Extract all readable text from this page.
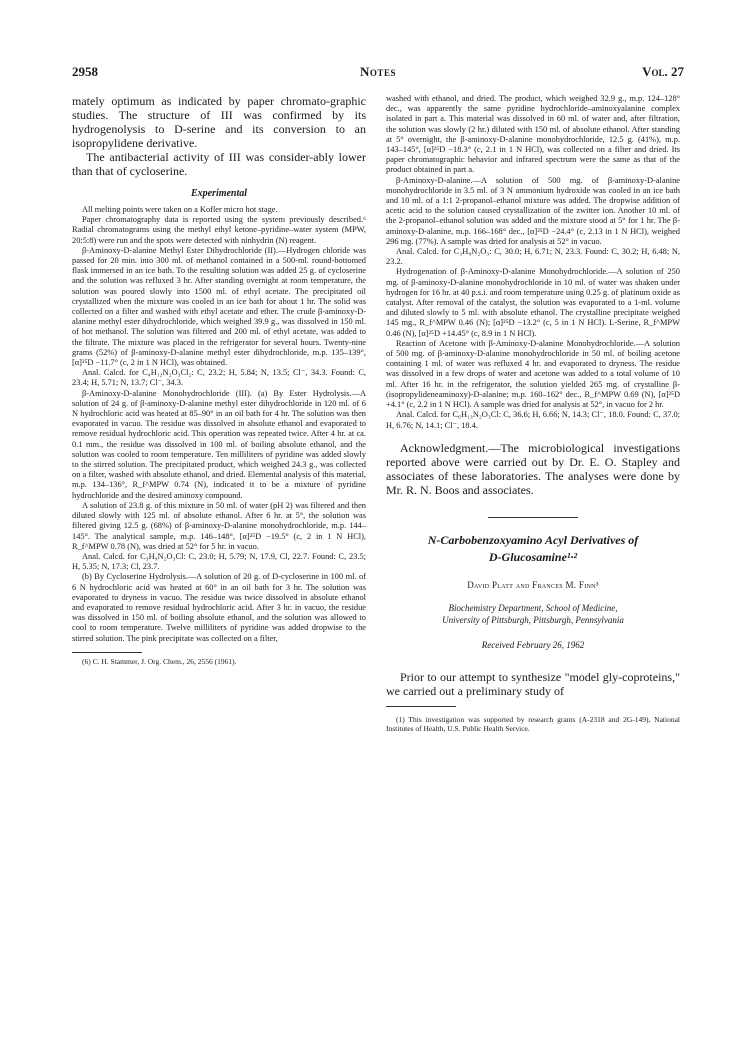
2958	Notes	Vol. 27

mately optimum as indicated by paper chromato-graphic studies. The structure of III was confirmed by its hydrogenolysis to D-serine and its conversion to an isopropylidene derivative.

The antibacterial activity of III was consider-ably lower than that of cycloserine.

Experimental

All melting points were taken on a Kofler micro hot stage.

Paper chromatography data is reported using the system previously described.⁶ Radial chromatograms using the methyl ethyl ketone–pyridine–water system (MPW, 20:5:8) were run and the spots were detected with ninhydrin (N) reagent.

β-Aminoxy-D-alanine Methyl Ester Dihydrochloride (II).—Hydrogen chloride was passed for 20 min. into 300 ml. of methanol contained in a 500-ml. round-bottomed flask immersed in an ice bath. To the resulting solution was added 25 g. of cycloserine and the solution was refluxed 3 hr. After standing overnight at room temperature, the solution was poured slowly into 1500 ml. of ethyl acetate. The precipitated oil crystallized when the mixture was cooled in an ice bath for about 1 hr. The solid was collected on a filter and washed with ethyl acetate and ether. The crude β-aminoxy-D-alanine methyl ester dihydrochloride, which weighed 39.9 g., was dissolved in 150 ml. of hot methanol. The solution was filtered and 200 ml. of ethyl acetate, was added to the filtrate. The mixture was placed in the refrigerator for several hours. Twenty-nine grams (52%) of β-aminoxy-D-alanine methyl ester dihydrochloride, m.p. 135–139°, [α]²⁵D −11.7° (c, 2 in 1 N HCl), was obtained.

Anal. Calcd. for C₄H₁₂N₂O₃Cl₂: C, 23.2; H, 5.84; N, 13.5; Cl⁻, 34.3. Found: C, 23.4; H, 5.71; N, 13.7; Cl⁻, 34.3.

β-Aminoxy-D-alanine Monohydrochloride (III). (a) By Ester Hydrolysis.—A solution of 24 g. of β-aminoxy-D-alanine methyl ester dihydrochloride in 120 ml. of 6 N hydrochloric acid was heated at 85–90° in an oil bath for 4 hr. The solution was then evaporated in vacuo. The residue was dissolved in absolute ethanol and evaporated to remove residual hydrochloric acid. This operation was repeated twice. After 4 hr. at ca. 0.1 mm., the residue was dissolved in 100 ml. of boiling absolute ethanol, and the solution was cooled to room temperature. Ten milliliters of pyridine was added slowly to the stirred solution. The precipitated product, which weighed 24.3 g., was collected on a filter, washed with absolute ethanol, and dried. Elemental analysis of this material, m.p. 134–136°, R_f^MPW 0.74 (N), indicated it to be a mixture of pyridine hydrochloride and the desired aminoxy compound.

A solution of 23.8 g. of this mixture in 50 ml. of water (pH 2) was filtered and then diluted slowly with 125 ml. of absolute ethanol. After 6 hr. at 5°, the solution was filtered giving 12.5 g. (68%) of β-aminoxy-D-alanine monohydrochloride, m.p. 144–145°. The analytical sample, m.p. 146–148°, [α]²⁵D −19.5° (c, 2 in 1 N HCl), R_f^MPW 0.78 (N), was dried at 52° for 5 hr. in vacuo.

Anal. Calcd. for C₃H₉N₂O₃Cl: C, 23.0; H, 5.79; N, 17.9, Cl, 22.7. Found: C, 23.5; H, 5.35; N, 17.3; Cl, 23.7.

(b) By Cycloserine Hydrolysis.—A solution of 20 g. of D-cycloserine in 100 ml. of 6 N hydrochloric acid was heated at 60° in an oil bath for 3 hr. The solution was evaporated to dryness in vacuo. The residue was twice dissolved in absolute ethanol and evaporated to remove residual hydrochloric acid. After 3 hr. in vacuo, the residue was dissolved in 150 ml. of boiling absolute ethanol, and the solution was allowed to cool to room temperature. Twelve milliliters of pyridine was added dropwise to the stirred solution. The pink precipitate was collected on a filter,

(6) C. H. Stammer, J. Org. Chem., 26, 2556 (1961).

washed with ethanol, and dried. The product, which weighed 32.9 g., m.p. 124–128° dec., was apparently the same pyridine hydrochloride–aminoxyalanine complex isolated in part a. This material was dissolved in 60 ml. of water and, after filtration, the solution was slowly (2 hr.) diluted with 150 ml. of absolute ethanol. After standing at 5° overnight, the β-aminoxy-D-alanine monohydrochloride, 12.5 g. (41%), m.p. 143–145°, [α]²⁵D −18.3° (c, 2.1 in 1 N HCl), was collected on a filter and dried. Its paper chromatographic behavior and infrared spectrum were the same as that of the product obtained in part a.

β-Aminoxy-D-alanine.—A solution of 500 mg. of β-aminoxy-D-alanine monohydrochloride in 3.5 ml. of 3 N ammonium hydroxide was cooled in an ice bath and 10 ml. of a 1:1 2-propanol–ethanol mixture was added. The dropwise addition of acetic acid to the solution caused crystallization of the zwitter ion. Another 10 ml. of the 2-propanol–ethanol solution was added and the mixture stood at 5° for 1 hr. The β-aminoxy-D-alanine, m.p. 166–168° dec., [α]²⁵D −24.4° (c, 2.13 in 1 N HCl), weighed 296 mg. (77%). A sample was dried for analysis at 52° in vacuo.

Anal. Calcd. for C₃H₈N₂O₃: C, 30.0; H, 6.71; N, 23.3. Found: C, 30.2; H, 6.48; N, 23.2.

Hydrogenation of β-Aminoxy-D-alanine Monohydrochloride.—A solution of 250 mg. of β-aminoxy-D-alanine monohydrochloride in 10 ml. of water was shaken under hydrogen for 16 hr. at 40 p.s.i. and room temperature using 0.25 g. of platinum oxide as catalyst. After removal of the catalyst, the solution was evaporated to a 1-ml. volume and diluted slowly to 5 ml. with absolute ethanol. The crystalline precipitate weighed 145 mg., R_f^MPW 0.46 (N); [α]²⁵D −13.2° (c, 5 in 1 N HCl). L-Serine, R_f^MPW 0.46 (N), [α]²⁵D +14.45° (c, 8.9 in 1 N HCl).

Reaction of Acetone with β-Aminoxy-D-alanine Monohydrochloride.—A solution of 500 mg. of β-aminoxy-D-alanine monohydrochloride in 50 ml. of boiling acetone containing 1 ml. of water was refluxed 4 hr. and evaporated to dryness. The residue was dissolved in a few drops of water and acetone was added to a total volume of 10 ml. After 16 hr. in the refrigerator, the solution yielded 265 mg. of crystalline β-(isopropylideneaminoxy)-D-alanine; m.p. 160–162° dec., R_f^MPW 0.69 (N), [α]²⁵D +4.1° (c, 2.2 in 1 N HCl). A sample was dried for analysis at 52°, in vacuo for 2 hr.

Anal. Calcd. for C₆H₁₃N₂O₃Cl: C, 36.6; H, 6.66; N, 14.3; Cl⁻, 18.0. Found: C, 37.0; H, 6.76; N, 14.1; Cl⁻, 18.4.

Acknowledgment.—The microbiological investigations reported above were carried out by Dr. E. O. Stapley and associates of these laboratories. The analyses were done by Mr. R. N. Boos and associates.

N-Carbobenzoxyamino Acyl Derivatives of
D-Glucosamine¹·²
David Platt and Frances M. Finn³
Biochemistry Department, School of Medicine,
University of Pittsburgh, Pittsburgh, Pennsylvania
Received February 26, 1962

Prior to our attempt to synthesize "model gly-coproteins," we carried out a preliminary study of

(1) This investigation was supported by research grants (A-2318 and 2G-149), National Institutes of Health, U.S. Public Health Service.
